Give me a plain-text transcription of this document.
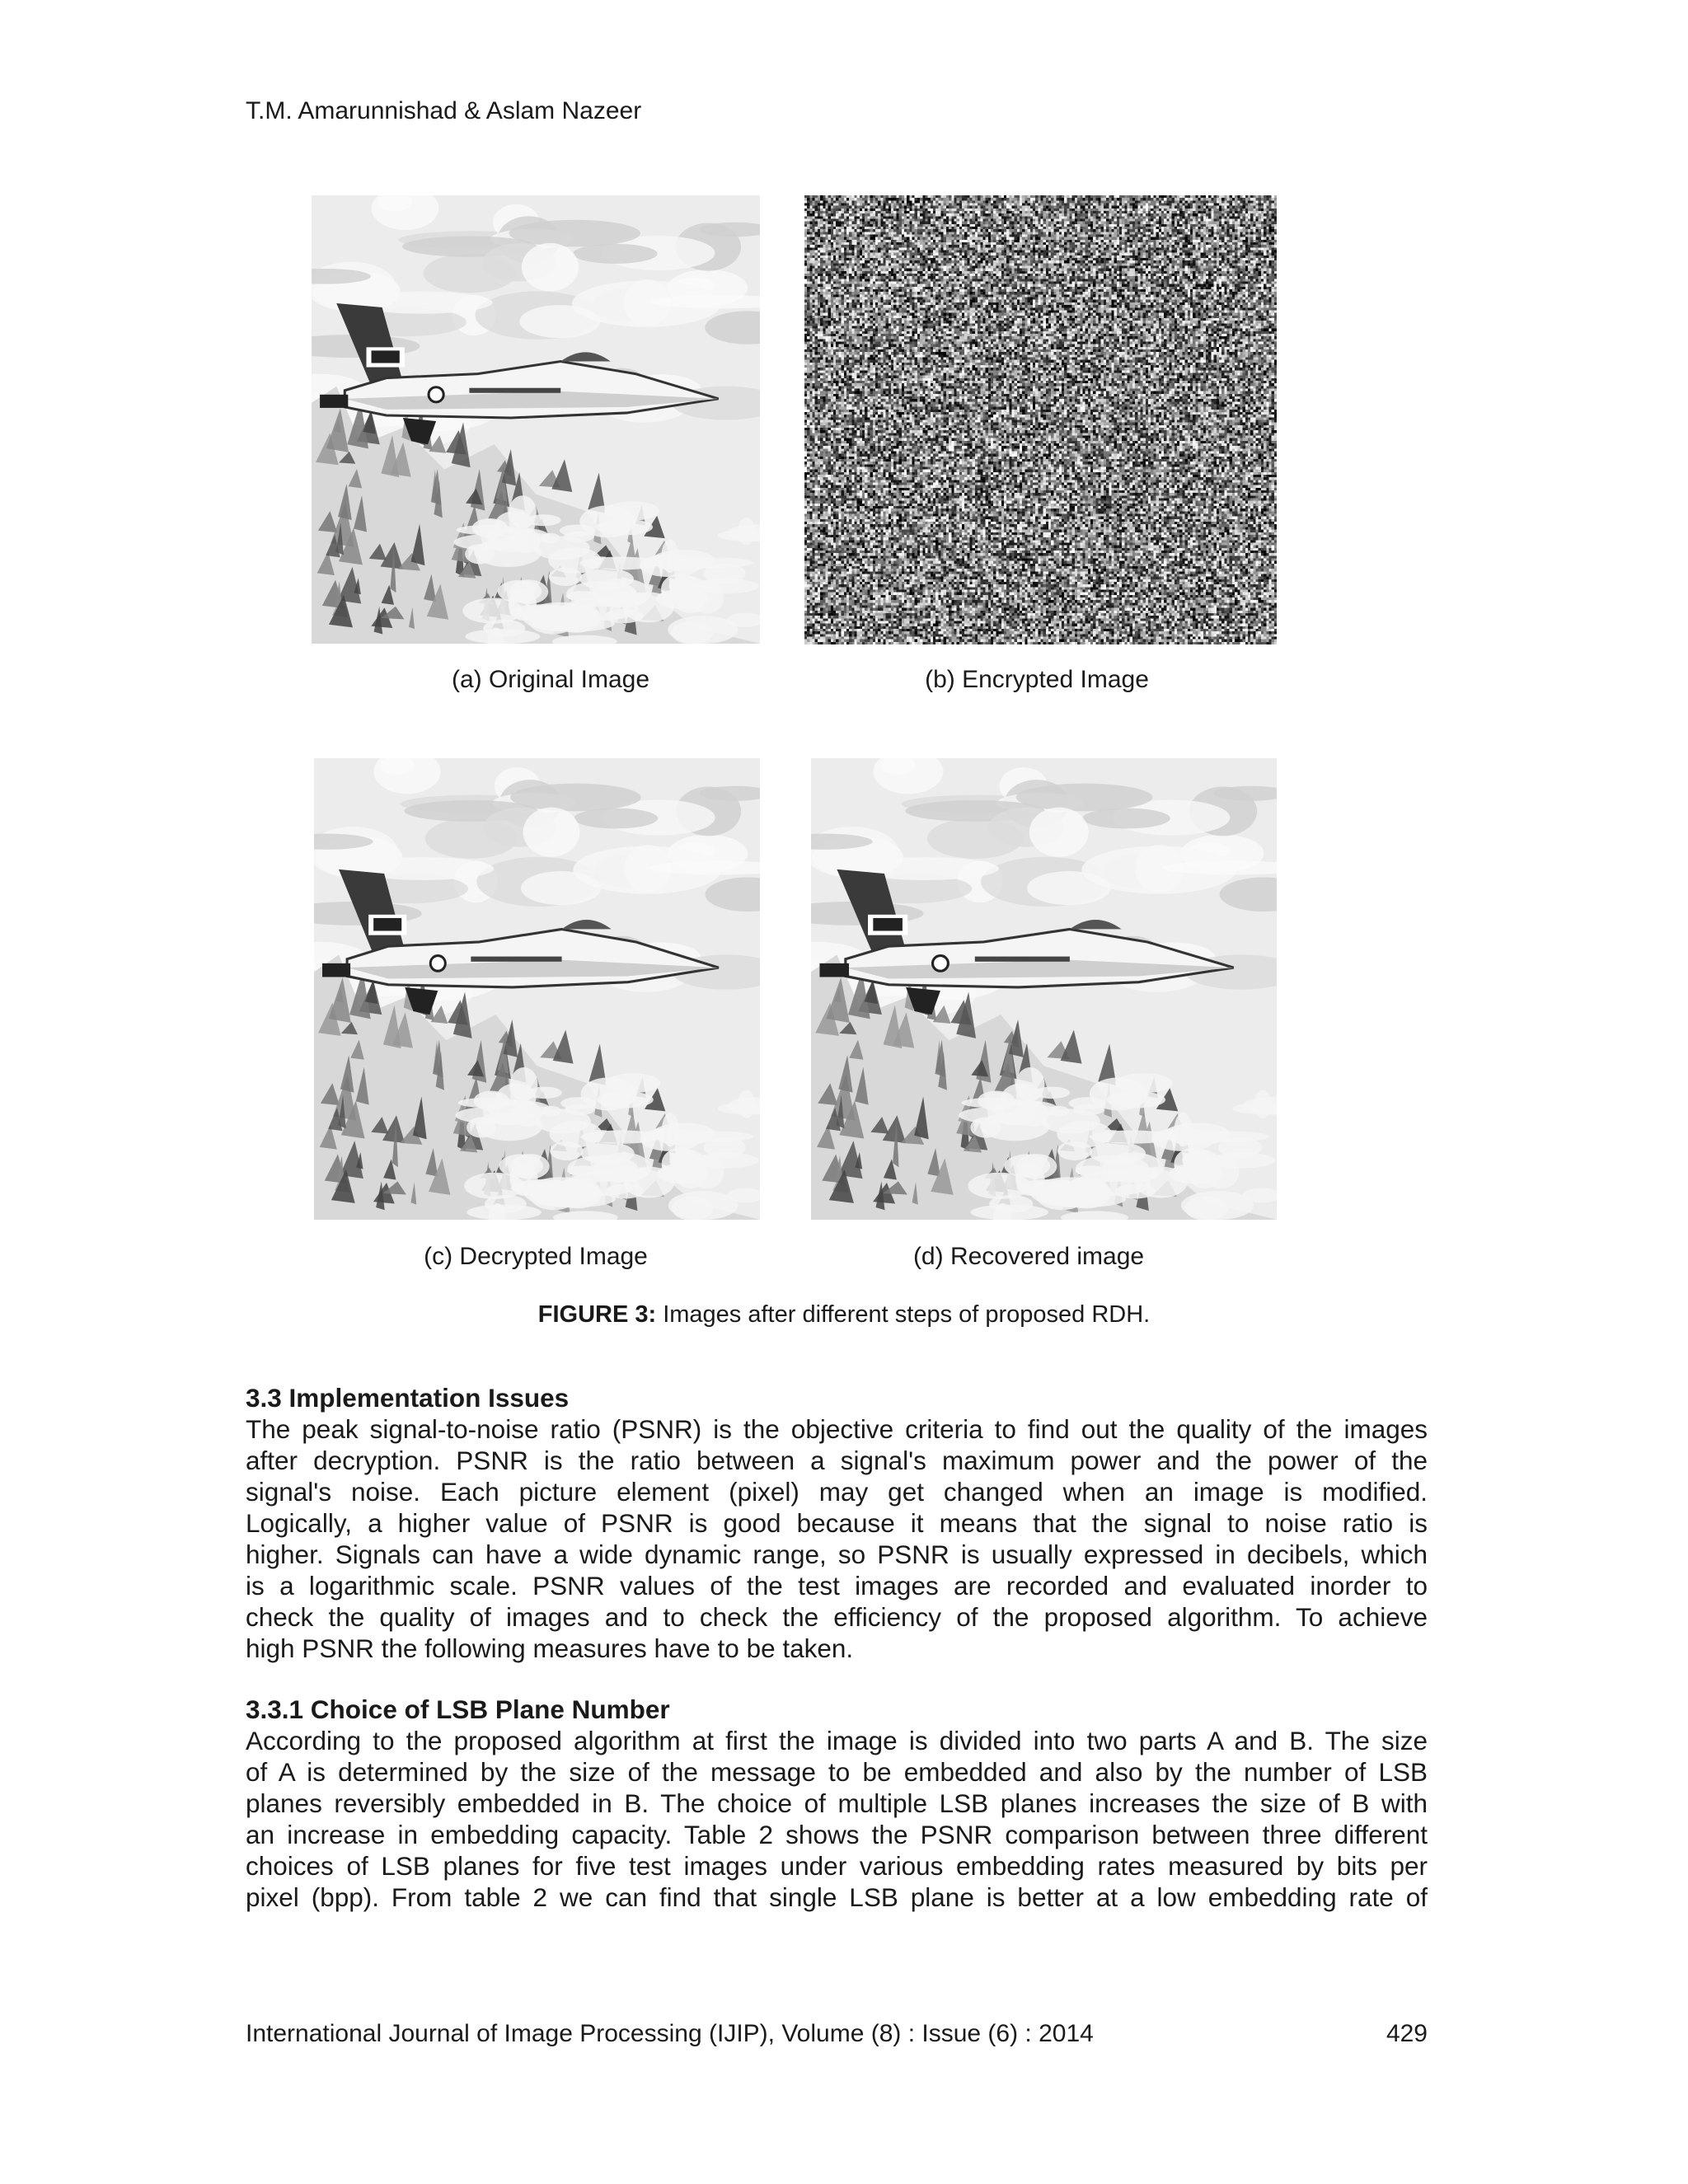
T.M. Amarunnishad & Aslam Nazeer
(a) Original Image	(b) Encrypted Image
(c) Decrypted Image	(d) Recovered image
FIGURE 3: Images after different steps of proposed RDH.
3.3 Implementation Issues

The peak signal-to-noise ratio (PSNR) is the objective criteria to find out the quality of the images
after decryption. PSNR is the ratio between a signal's maximum power and the power of the
signal's noise. Each picture element (pixel) may get changed when an image is modified.
Logically, a higher value of PSNR is good because it means that the signal to noise ratio is
higher. Signals can have a wide dynamic range, so PSNR is usually expressed in decibels, which
is a logarithmic scale. PSNR values of the test images are recorded and evaluated inorder to
check the quality of images and to check the efficiency of the proposed algorithm. To achieve
high PSNR the following measures have to be taken.

3.3.1 Choice of LSB Plane Number

According to the proposed algorithm at first the image is divided into two parts A and B. The size
of A is determined by the size of the message to be embedded and also by the number of LSB
planes reversibly embedded in B. The choice of multiple LSB planes increases the size of B with
an increase in embedding capacity. Table 2 shows the PSNR comparison between three different
choices of LSB planes for five test images under various embedding rates measured by bits per
pixel (bpp). From table 2 we can find that single LSB plane is better at a low embedding rate of

International Journal of Image Processing (IJIP), Volume (8) : Issue (6) : 2014	429
